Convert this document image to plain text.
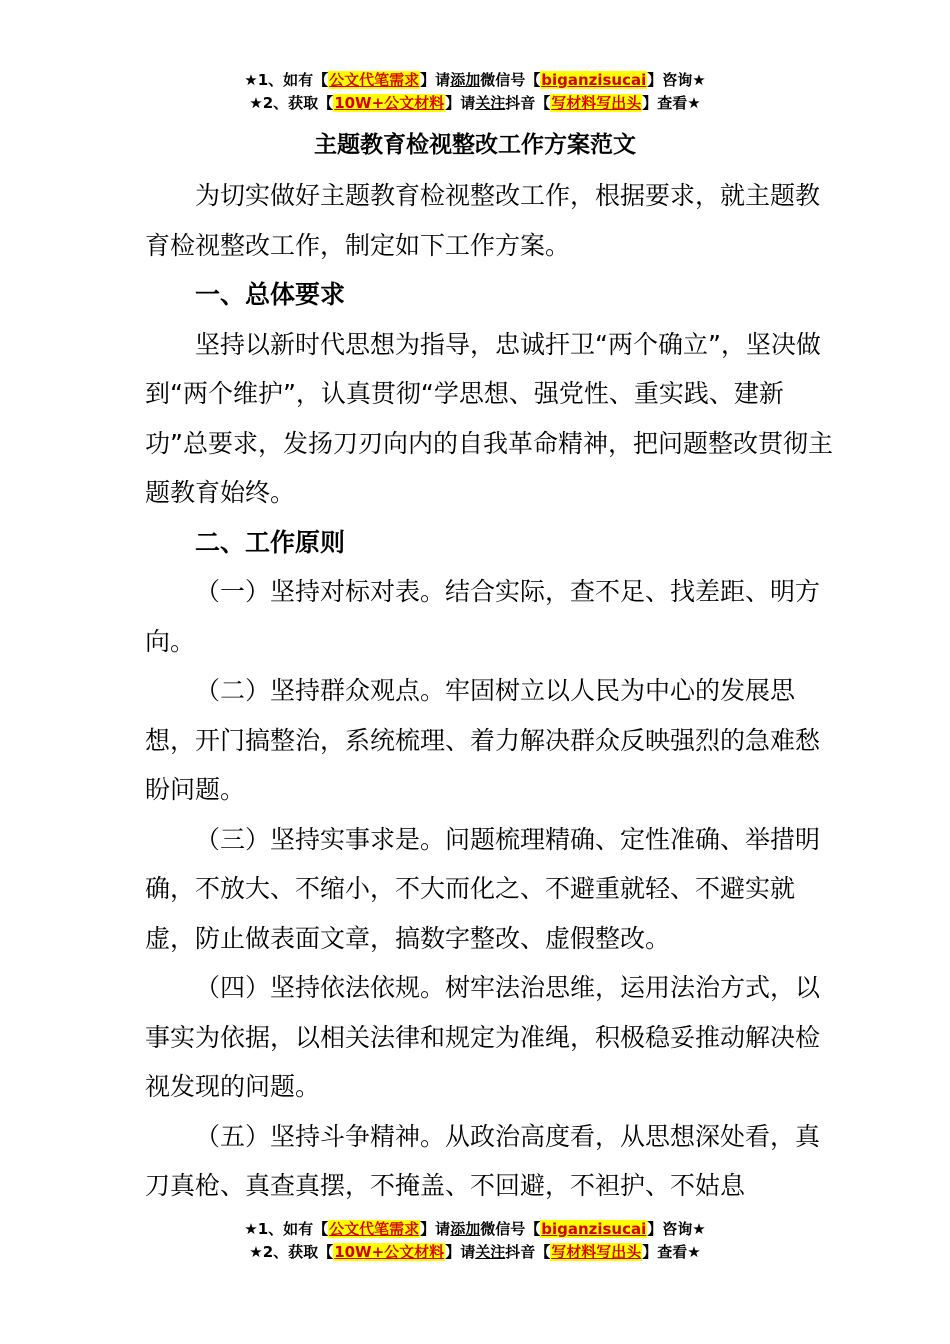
★1、如有【公文代笔需求】请添加微信号【biganzisucai】咨询★
★2、获取【10W+公文材料】请关注抖音【写材料写出头】查看★
主题教育检视整改工作方案范文

为切实做好主题教育检视整改工作，根据要求，就主题教育检视整改工作，制定如下工作方案。

一、总体要求

坚持以新时代思想为指导，忠诚扞卫“两个确立”，坚决做到“两个维护”，认真贯彻“学思想、强党性、重实践、建新功”总要求，发扬刀刃向内的自我革命精神，把问题整改贯彻主题教育始终。

二、工作原则

（一）坚持对标对表。结合实际，查不足、找差距、明方向。

（二）坚持群众观点。牢固树立以人民为中心的发展思想，开门搞整治，系统梳理、着力解决群众反映强烈的急难愁盼问题。

（三）坚持实事求是。问题梳理精确、定性准确、举措明确，不放大、不缩小，不大而化之、不避重就轻、不避实就虚，防止做表面文章，搞数字整改、虚假整改。

（四）坚持依法依规。树牢法治思维，运用法治方式，以事实为依据，以相关法律和规定为准绳，积极稳妥推动解决检视发现的问题。

（五）坚持斗争精神。从政治高度看，从思想深处看，真刀真枪、真查真摆，不掩盖、不回避，不袒护、不姑息

★1、如有【公文代笔需求】请添加微信号【biganzisucai】咨询★
★2、获取【10W+公文材料】请关注抖音【写材料写出头】查看★
